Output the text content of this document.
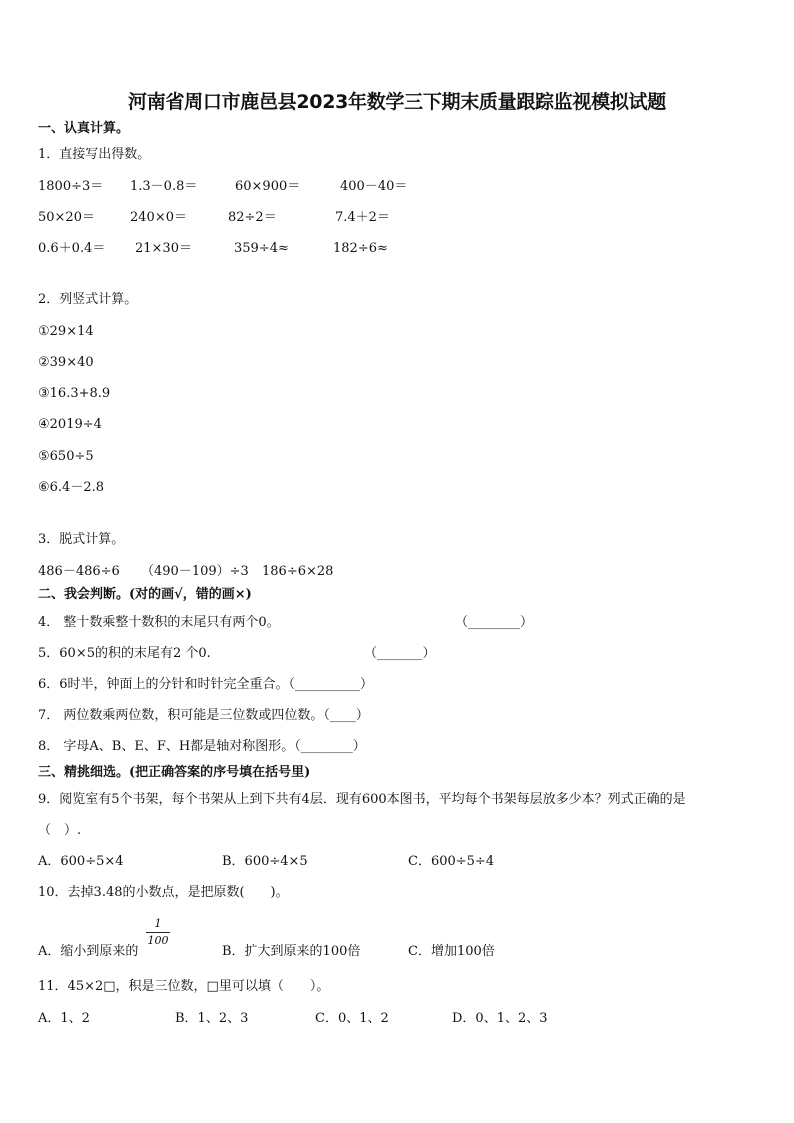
河南省周口市鹿邑县2023年数学三下期末质量跟踪监视模拟试题
一、认真计算。
1．直接写出得数。
1800÷3＝ 1.3－0.8＝	60×900＝	400－40＝
50×20＝	240×0＝	82÷2＝	7.4＋2＝
0.6＋0.4＝ 21×30＝	359÷4≈	182÷6≈
2．列竖式计算。
①29×14
②39×40
③16.3+8.9
④2019÷4
⑤650÷5
⑥6.4－2.8
3．脱式计算。
486－486÷6 （490－109）÷3 186÷6×28
二、我会判断。(对的画√，错的画×)
4． 整十数乘整十数积的末尾只有两个0。	（________）
5．60×5的积的末尾有2 个0.	（_______）
6．6时半，钟面上的分针和时针完全重合。（__________）
7． 两位数乘两位数，积可能是三位数或四位数。（____）
8． 字母A、B、E、F、H都是轴对称图形。（________）
三、精挑细选。(把正确答案的序号填在括号里)
9．阅览室有5个书架，每个书架从上到下共有4层．现有600本图书，平均每个书架每层放多少本？列式正确的是
（　）.
A．600÷5×4	B．600÷4×5	C．600÷5÷4
10．去掉3.48的小数点，是把原数(　　)。
A．缩小到原来的
1
100
B．扩大到原来的100倍	C．增加100倍
11．45×2□，积是三位数，□里可以填（　　）。
A．1、2	B．1、2、3	C．0、1、2	D．0、1、2、3
